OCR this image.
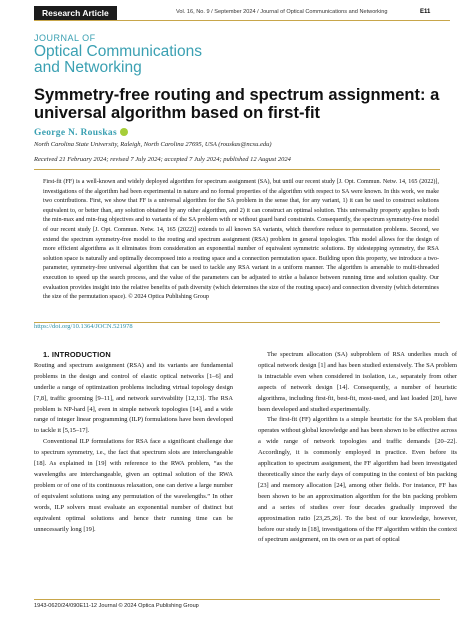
Research Article	Vol. 16, No. 9 / September 2024 / Journal of Optical Communications and Networking	E11
JOURNAL OF
Optical Communications
and Networking
Symmetry-free routing and spectrum assignment: a universal algorithm based on first-fit
George N. Rouskas
North Carolina State University, Raleigh, North Carolina 27695, USA (rouskas@ncsu.edu)
Received 21 February 2024; revised 7 July 2024; accepted 7 July 2024; published 12 August 2024
First-fit (FF) is a well-known and widely deployed algorithm for spectrum assignment (SA), but until our recent study [J. Opt. Commun. Netw. 14, 165 (2022)], investigations of the algorithm had been experimental in nature and no formal properties of the algorithm with respect to SA were known. In this work, we make two contributions. First, we show that FF is a universal algorithm for the SA problem in the sense that, for any variant, 1) it can be used to construct solutions equivalent to, or better than, any solution obtained by any other algorithm, and 2) it can construct an optimal solution. This universality property applies to both the min-max and min-frag objectives and to variants of the SA problem with or without guard band constraints. Consequently, the spectrum symmetry-free model of our recent study [J. Opt. Commun. Netw. 14, 165 (2022)] extends to all known SA variants, which therefore reduce to permutation problems. Second, we extend the spectrum symmetry-free model to the routing and spectrum assignment (RSA) problem in general topologies. This model allows for the design of more efficient algorithms as it eliminates from consideration an exponential number of equivalent symmetric solutions. By sidestepping symmetry, the RSA solution space is naturally and optimally decomposed into a routing space and a connection permutation space. Building upon this property, we introduce a two-parameter, symmetry-free universal algorithm that can be used to tackle any RSA variant in a uniform manner. The algorithm is amenable to multi-threaded execution to speed up the search process, and the value of the parameters can be adjusted to strike a balance between running time and solution quality. Our evaluation provides insight into the relative benefits of path diversity (which determines the size of the routing space) and connection diversity (which determines the size of the permutation space). © 2024 Optica Publishing Group
https://doi.org/10.1364/JOCN.521978

1. INTRODUCTION

Routing and spectrum assignment (RSA) and its variants are fundamental problems in the design and control of elastic optical networks [1–6] and underlie a range of optimization problems including virtual topology design [7,8], traffic grooming [9–11], and network survivability [12,13]. The RSA problem is NP-hard [4], even in simple network topologies [14], and a wide range of integer linear programming (ILP) formulations have been developed to tackle it [5,15–17].

Conventional ILP formulations for RSA face a significant challenge due to spectrum symmetry, i.e., the fact that spectrum slots are interchangeable [18]. As explained in [19] with reference to the RWA problem, “as the wavelengths are interchangeable, given an optimal solution of the RWA problem or of one of its continuous relaxation, one can derive a large number of equivalent solutions using any permutation of the wavelengths.” In other words, ILP solvers must evaluate an exponential number of distinct but equivalent optimal solutions and hence their running time can be unnecessarily long [19].

The spectrum allocation (SA) subproblem of RSA underlies much of optical network design [1] and has been studied extensively. The SA problem is intractable even when considered in isolation, i.e., separately from other aspects of network design [14]. Consequently, a number of heuristic algorithms, including first-fit, best-fit, most-used, and last loaded [20], have been developed and studied experimentally.

The first-fit (FF) algorithm is a simple heuristic for the SA problem that operates without global knowledge and has been shown to be effective across a wide range of network topologies and traffic demands [20–22]. Accordingly, it is commonly employed in practice. Even before its application to spectrum assignment, the FF algorithm had been investigated theoretically since the early days of computing in the context of bin packing [23] and memory allocation [24], among other fields. For instance, FF has been shown to be an approximation algorithm for the bin packing problem and a series of studies over four decades gradually improved the approximation ratio [23,25,26]. To the best of our knowledge, however, before our study in [18], investigations of the FF algorithm within the context of spectrum assignment, on its own or as part of optical

1943-0620/24/090E11-12 Journal © 2024 Optica Publishing Group
